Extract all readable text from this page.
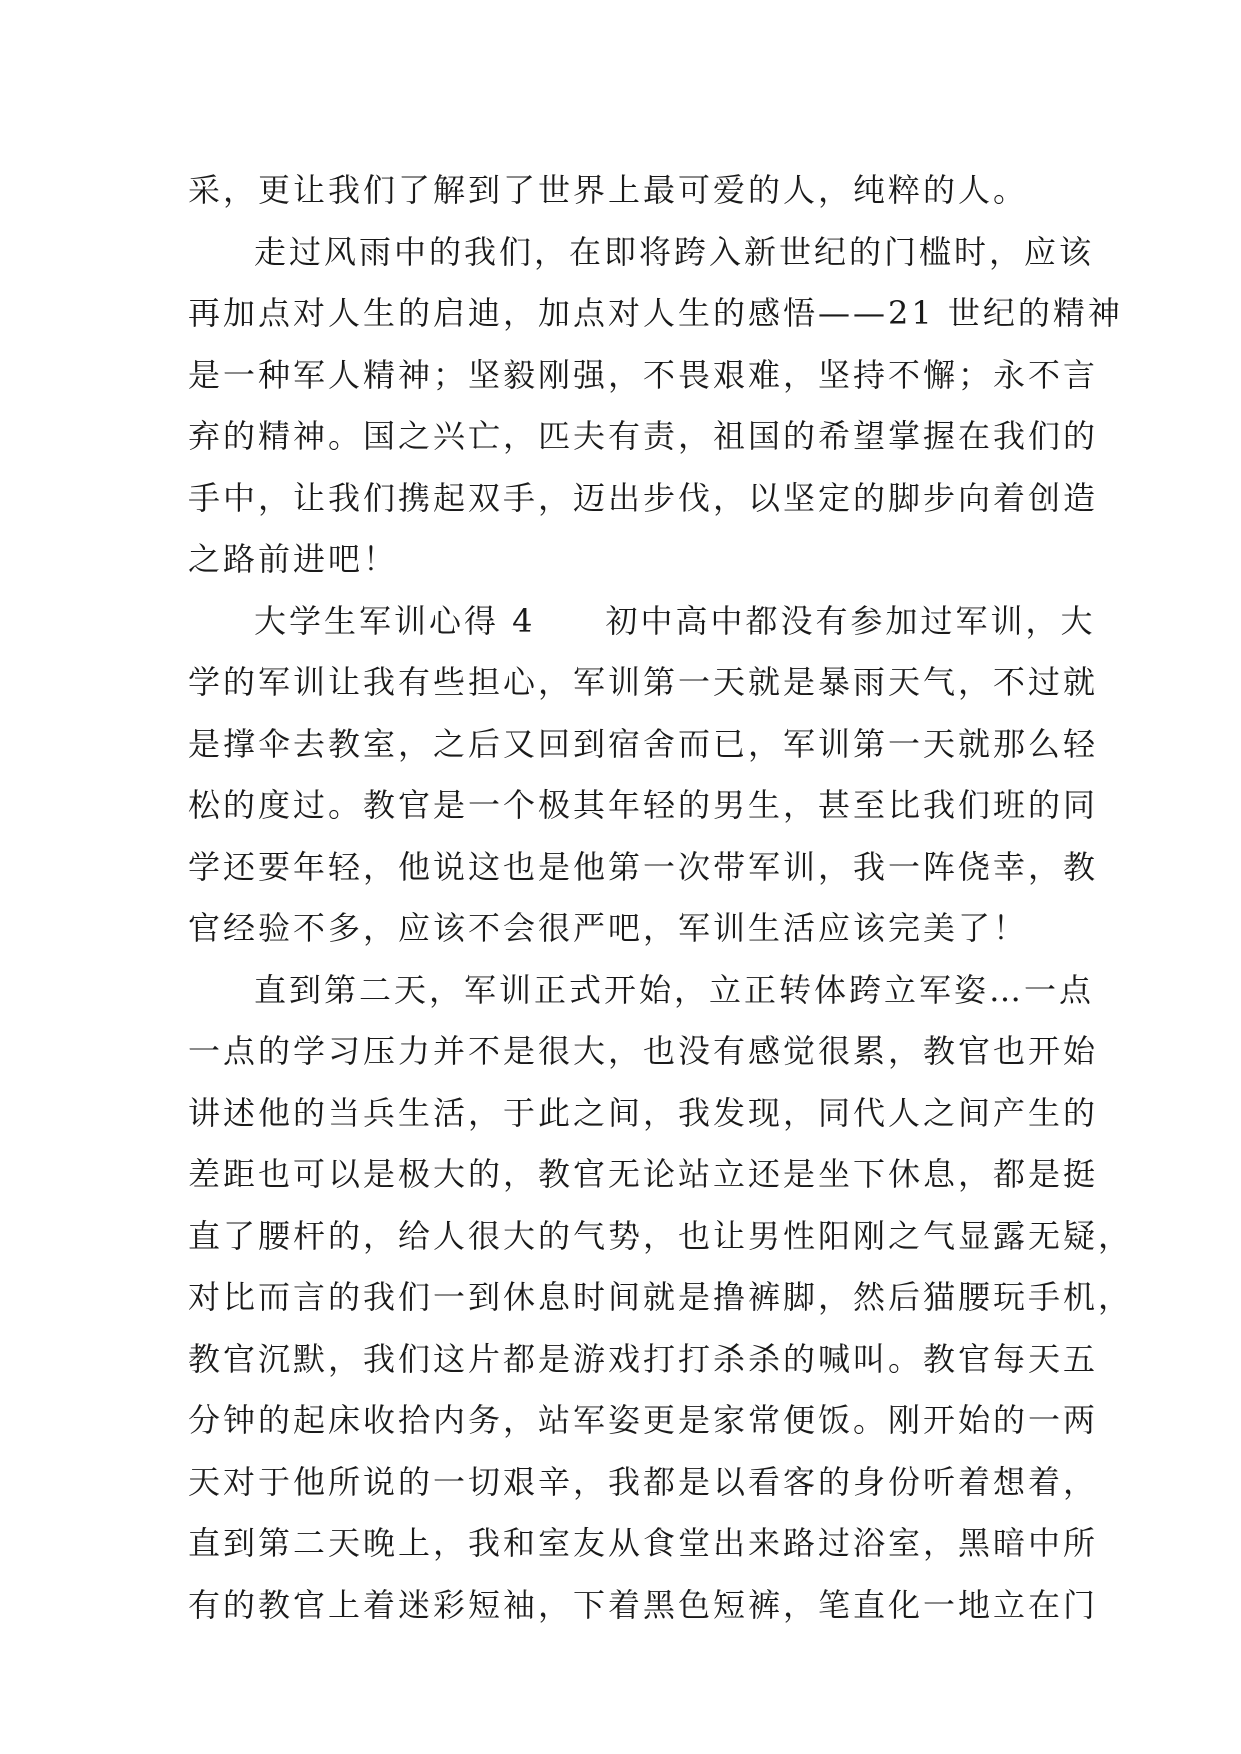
采，更让我们了解到了世界上最可爱的人，纯粹的人。
走过风雨中的我们，在即将跨入新世纪的门槛时，应该
再加点对人生的启迪，加点对人生的感悟——21 世纪的精神
是一种军人精神；坚毅刚强，不畏艰难，坚持不懈；永不言
弃的精神。国之兴亡，匹夫有责，祖国的希望掌握在我们的
手中，让我们携起双手，迈出步伐，以坚定的脚步向着创造
之路前进吧！
大学生军训心得 4　　初中高中都没有参加过军训，大
学的军训让我有些担心，军训第一天就是暴雨天气，不过就
是撑伞去教室，之后又回到宿舍而已，军训第一天就那么轻
松的度过。教官是一个极其年轻的男生，甚至比我们班的同
学还要年轻，他说这也是他第一次带军训，我一阵侥幸，教
官经验不多，应该不会很严吧，军训生活应该完美了！
直到第二天，军训正式开始，立正转体跨立军姿…一点
一点的学习压力并不是很大，也没有感觉很累，教官也开始
讲述他的当兵生活，于此之间，我发现，同代人之间产生的
差距也可以是极大的，教官无论站立还是坐下休息，都是挺
直了腰杆的，给人很大的气势，也让男性阳刚之气显露无疑，
对比而言的我们一到休息时间就是撸裤脚，然后猫腰玩手机，
教官沉默，我们这片都是游戏打打杀杀的喊叫。教官每天五
分钟的起床收拾内务，站军姿更是家常便饭。刚开始的一两
天对于他所说的一切艰辛，我都是以看客的身份听着想着，
直到第二天晚上，我和室友从食堂出来路过浴室，黑暗中所
有的教官上着迷彩短袖，下着黑色短裤，笔直化一地立在门
